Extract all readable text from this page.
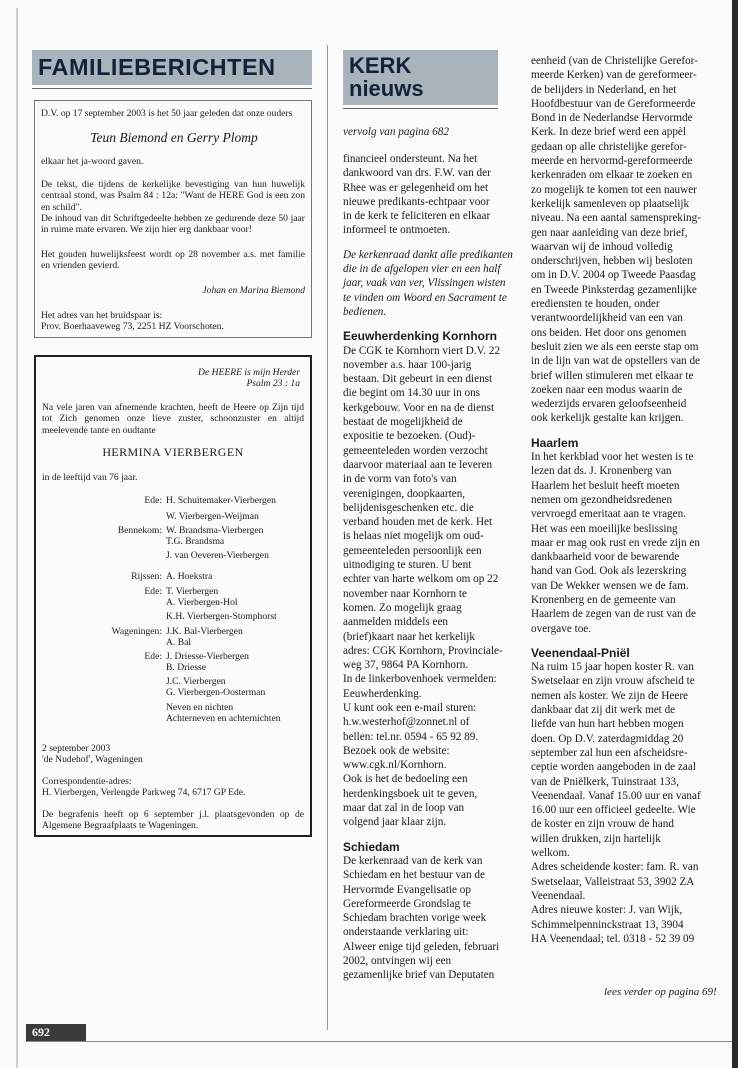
FAMILIEBERICHTEN

D.V. op 17 september 2003 is het 50 jaar geleden dat onze ouders

Teun Biemond en Gerry Plomp

elkaar het ja-woord gaven.

De tekst, die tijdens de kerkelijke bevestiging van hun huwelijk centraal stond, was Psalm 84 : 12a: "Want de HERE God is een zon en schild".

De inhoud van dit Schriftgedeelte hebben ze gedurende deze 50 jaar in ruime mate ervaren. We zijn hier erg dankbaar voor!

Het gouden huwelijksfeest wordt op 28 november a.s. met familie en vrienden gevierd.

Johan en Marina Biemond

Het adres van het bruidspaar is:

Prov. Boerhaaveweg 73, 2251 HZ Voorschoten.

De HEERE is mijn Herder
Psalm 23 : 1a

Na vele jaren van afnemende krachten, heeft de Heere op Zijn tijd tot Zich genomen onze lieve zuster, schoonzuster en altijd meelevende tante en oudtante

HERMINA VIERBERGEN

in de leeftijd van 76 jaar.

Ede: H. Schuitemaker-Vierbergen
W. Vierbergen-Weijman
Bennekom: W. Brandsma-Vierbergen
T.G. Brandsma
J. van Oeveren-Vierbergen
Rijssen: A. Hoekstra
Ede: T. Vierbergen
A. Vierbergen-Hol
K.H. Vierbergen-Stomphorst
Wageningen: J.K. Bal-Vierbergen
A. Bal
Ede: J. Driesse-Vierbergen
B. Driesse
J.C. Vierbergen
G. Vierbergen-Oosterman
Neven en nichten
Achterneven en achternichten

2 september 2003

'de Nudehof', Wageningen

Correspondentie-adres:

H. Vierbergen, Verlengde Parkweg 74, 6717 GP Ede.

De begrafenis heeft op 6 september j.l. plaatsgevonden op de Algemene Begraafplaats te Wageningen.

KERK
nieuws
vervolg van pagina 682
financieel ondersteunt. Na het
dankwoord van drs. F.W. van der
Rhee was er gelegenheid om het
nieuwe predikants-echtpaar voor
in de kerk te feliciteren en elkaar
informeel te ontmoeten.
De kerkenraad dankt alle predikanten
die in de afgelopen vier en een half
jaar, vaak van ver, Vlissingen wisten
te vinden om Woord en Sacrament te
bedienen.
Eeuwherdenking Kornhorn
De CGK te Kornhorn viert D.V. 22
november a.s. haar 100-jarig
bestaan. Dit gebeurt in een dienst
die begint om 14.30 uur in ons
kerkgebouw. Voor en na de dienst
bestaat de mogelijkheid de
expositie te bezoeken. (Oud)-
gemeenteleden worden verzocht
daarvoor materiaal aan te leveren
in de vorm van foto's van
verenigingen, doopkaarten,
belijdenisgeschenken etc. die
verband houden met de kerk. Het
is helaas niet mogelijk om oud-
gemeenteleden persoonlijk een
uitnodiging te sturen. U bent
echter van harte welkom om op 22
november naar Kornhorn te
komen. Zo mogelijk graag
aanmelden middels een
(brief)kaart naar het kerkelijk
adres: CGK Kornhorn, Provinciale-
weg 37, 9864 PA Kornhorn.
In de linkerbovenhoek vermelden:
Eeuwherdenking.
U kunt ook een e-mail sturen:
h.w.westerhof@zonnet.nl of
bellen: tel.nr. 0594 - 65 92 89.
Bezoek ook de website:
www.cgk.nl/Kornhorn.
Ook is het de bedoeling een
herdenkingsboek uit te geven,
maar dat zal in de loop van
volgend jaar klaar zijn.
Schiedam
De kerkenraad van de kerk van
Schiedam en het bestuur van de
Hervormde Evangelisatie op
Gereformeerde Grondslag te
Schiedam brachten vorige week
onderstaande verklaring uit:
Alweer enige tijd geleden, februari
2002, ontvingen wij een
gezamenlijke brief van Deputaten
eenheid (van de Christelijke Gerefor-
meerde Kerken) van de gereformeer-
de belijders in Nederland, en het
Hoofdbestuur van de Gereformeerde
Bond in de Nederlandse Hervormde
Kerk. In deze brief werd een appèl
gedaan op alle christelijke gerefor-
meerde en hervormd-gereformeerde
kerkenraden om elkaar te zoeken en
zo mogelijk te komen tot een nauwer
kerkelijk samenleven op plaatselijk
niveau. Na een aantal samenspreking-
gen naar aanleiding van deze brief,
waarvan wij de inhoud volledig
onderschrijven, hebben wij besloten
om in D.V. 2004 op Tweede Paasdag
en Tweede Pinksterdag gezamenlijke
erediensten te houden, onder
verantwoordelijkheid van een van
ons beiden. Het door ons genomen
besluit zien we als een eerste stap om
in de lijn van wat de opstellers van de
brief willen stimuleren met elkaar te
zoeken naar een modus waarin de
wederzijds ervaren geloofseenheid
ook kerkelijk gestalte kan krijgen.
Haarlem
In het kerkblad voor het westen is te
lezen dat ds. J. Kronenberg van
Haarlem het besluit heeft moeten
nemen om gezondheidsredenen
vervroegd emeritaat aan te vragen.
Het was een moeilijke beslissing
maar er mag ook rust en vrede zijn en
dankbaarheid voor de bewarende
hand van God. Ook als lezerskring
van De Wekker wensen we de fam.
Kronenberg en de gemeente van
Haarlem de zegen van de rust van de
overgave toe.
Veenendaal-Pniël
Na ruim 15 jaar hopen koster R. van
Swetselaar en zijn vrouw afscheid te
nemen als koster. We zijn de Heere
dankbaar dat zij dit werk met de
liefde van hun hart hebben mogen
doen. Op D.V. zaterdagmiddag 20
september zal hun een afscheidsre-
ceptie worden aangeboden in de zaal
van de Pniëlkerk, Tuinstraat 133,
Veenendaal. Vanaf 15.00 uur en vanaf
16.00 uur een officieel gedeelte. Wie
de koster en zijn vrouw de hand
willen drukken, zijn hartelijk
welkom.
Adres scheidende koster: fam. R. van
Swetselaar, Valleistraat 53, 3902 ZA
Veenendaal.
Adres nieuwe koster: J. van Wijk,
Schimmelpenninckstraat 13, 3904
HA Veenendaal; tel. 0318 - 52 39 09
lees verder op pagina 69!
692
